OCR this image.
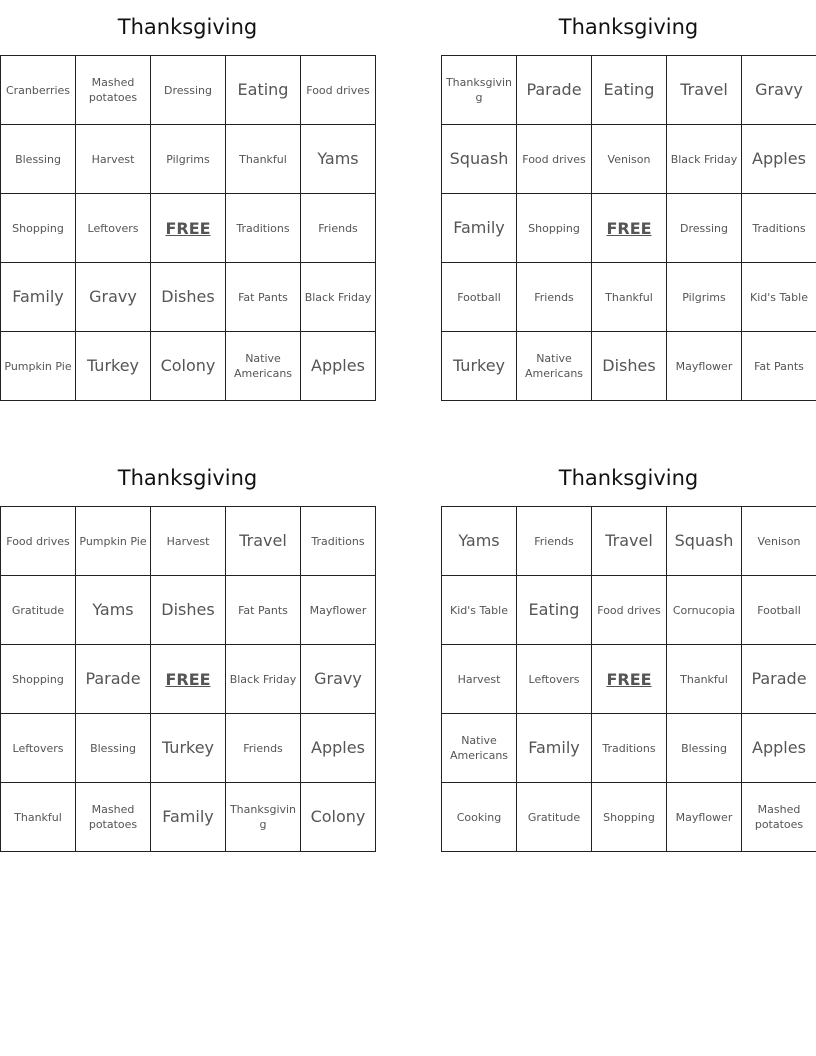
Thanksgiving
Cranberries	Mashed potatoes	Dressing	Eating	Food drives
Blessing	Harvest	Pilgrims	Thankful	Yams
Shopping	Leftovers	FREE	Traditions	Friends
Family	Gravy	Dishes	Fat Pants	Black Friday
Pumpkin Pie	Turkey	Colony	Native Americans	Apples
Thanksgiving
Thanksgiving	Parade	Eating	Travel	Gravy
Squash	Food drives	Venison	Black Friday	Apples
Family	Shopping	FREE	Dressing	Traditions
Football	Friends	Thankful	Pilgrims	Kid's Table
Turkey	Native Americans	Dishes	Mayflower	Fat Pants
Thanksgiving
Food drives	Pumpkin Pie	Harvest	Travel	Traditions
Gratitude	Yams	Dishes	Fat Pants	Mayflower
Shopping	Parade	FREE	Black Friday	Gravy
Leftovers	Blessing	Turkey	Friends	Apples
Thankful	Mashed potatoes	Family	Thanksgiving	Colony
Thanksgiving
Yams	Friends	Travel	Squash	Venison
Kid's Table	Eating	Food drives	Cornucopia	Football
Harvest	Leftovers	FREE	Thankful	Parade
Native Americans	Family	Traditions	Blessing	Apples
Cooking	Gratitude	Shopping	Mayflower	Mashed potatoes
